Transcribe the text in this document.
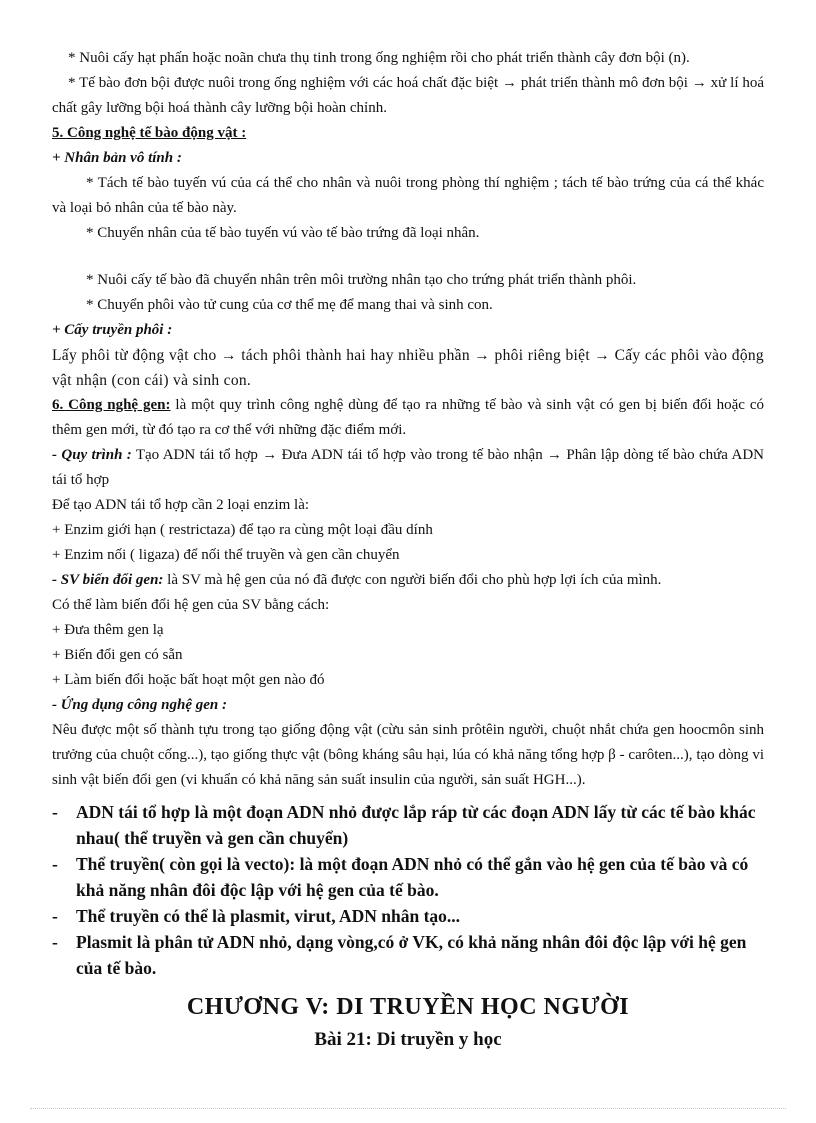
* Nuôi cấy hạt phấn hoặc noãn chưa thụ tinh trong ống nghiệm rồi cho phát triển thành cây đơn bội (n).

* Tế bào đơn bội được nuôi trong ống nghiệm với các hoá chất đặc biệt → phát triển thành mô đơn bội → xử lí hoá chất gây lưỡng bội hoá thành cây lưỡng bội hoàn chỉnh.

5. Công nghệ tế bào động vật :

+ Nhân bản vô tính :

* Tách tế bào tuyến vú của cá thể cho nhân và nuôi trong phòng thí nghiệm ; tách tế bào trứng của cá thể khác và loại bỏ nhân của tế bào này.

* Chuyển nhân của tế bào tuyến vú vào tế bào trứng đã loại nhân.

* Nuôi cấy tế bào đã chuyển nhân trên môi trường nhân tạo cho trứng phát triển thành phôi.

* Chuyển phôi vào tử cung của cơ thể mẹ để mang thai và sinh con.

+ Cấy truyền phôi :

Lấy phôi từ động vật cho → tách phôi thành hai hay nhiều phần → phôi riêng biệt → Cấy các phôi vào động vật nhận (con cái) và sinh con.

6. Công nghệ gen: là một quy trình công nghệ dùng để tạo ra những tế bào và sinh vật có gen bị biến đổi hoặc có thêm gen mới, từ đó tạo ra cơ thể với những đặc điểm mới.

- Quy trình : Tạo ADN tái tổ hợp → Đưa ADN tái tổ hợp vào trong tế bào nhận → Phân lập dòng tế bào chứa ADN tái tổ hợp

Để tạo ADN tái tổ hợp cần 2 loại enzim là:

+ Enzim giới hạn ( restrictaza) để tạo ra cùng một loại đầu dính

+ Enzim nối ( ligaza) để nối thể truyền và gen cần chuyển

- SV biến đổi gen: là SV mà hệ gen của nó đã được con người biến đổi cho phù hợp lợi ích của mình.

Có thể làm biến đổi hệ gen của SV bằng cách:

+ Đưa thêm gen lạ

+ Biến đổi gen có sẵn

+ Làm biến đổi hoặc bất hoạt một gen nào đó

- Ứng dụng công nghệ gen :

Nêu được một số thành tựu trong tạo giống động vật (cừu sản sinh prôtêin người, chuột nhắt chứa gen hoocmôn sinh trưởng của chuột cống...), tạo giống thực vật (bông kháng sâu hại, lúa có khả năng tổng hợp β - carôten...), tạo dòng vi sinh vật biến đổi gen (vi khuẩn có khả năng sản suất insulin của người, sản suất HGH...).

- ADN tái tổ hợp là một đoạn ADN nhỏ được lắp ráp từ các đoạn ADN lấy từ các tế bào khác nhau( thể truyền và gen cần chuyển)
- Thể truyền( còn gọi là vecto): là một đoạn ADN nhỏ có thể gắn vào hệ gen của tế bào và có khả năng nhân đôi độc lập với hệ gen của tế bào.
- Thể truyền có thể là plasmit, virut, ADN nhân tạo...
- Plasmit là phân tử ADN nhỏ, dạng vòng,có ở VK, có khả năng nhân đôi độc lập với hệ gen của tế bào.

CHƯƠNG V: DI TRUYỀN HỌC NGƯỜI

Bài 21: Di truyền y học
